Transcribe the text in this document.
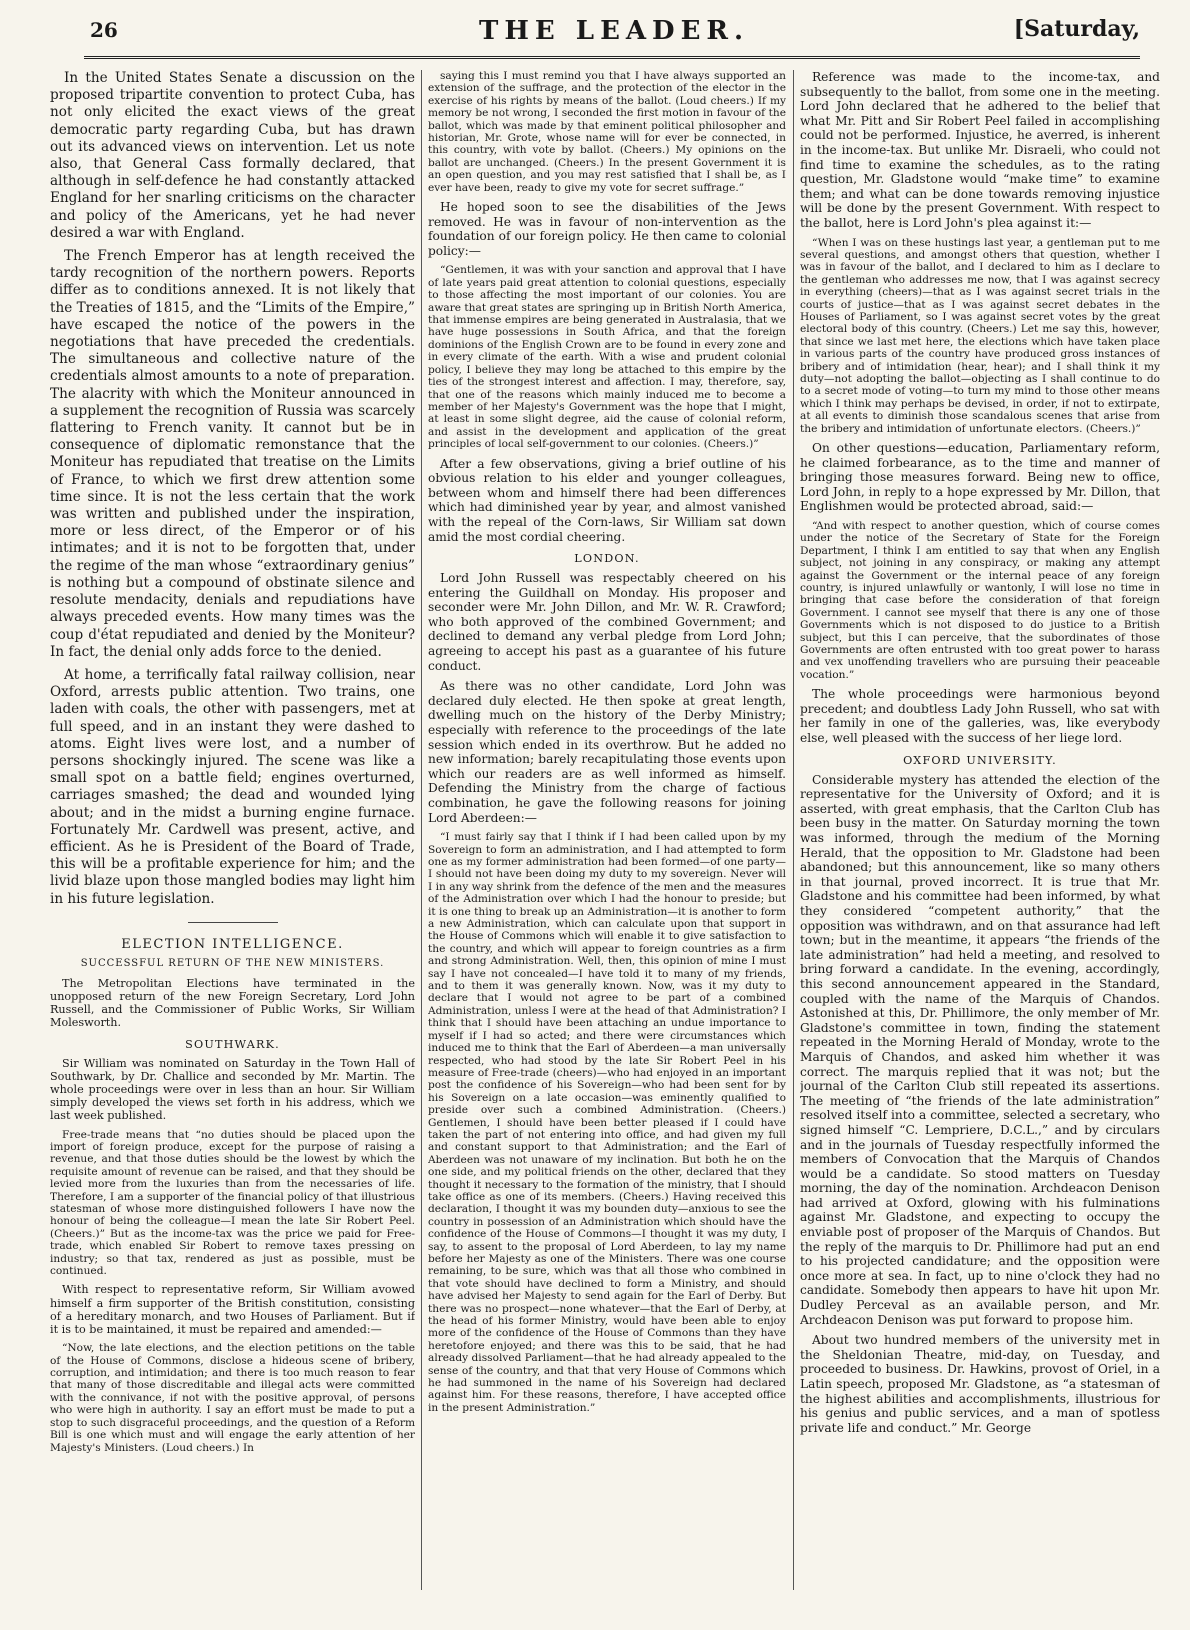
26	THE LEADER.	[Saturday,

In the United States Senate a discussion on the proposed tripartite convention to protect Cuba, has not only elicited the exact views of the great democratic party regarding Cuba, but has drawn out its advanced views on intervention. Let us note also, that General Cass formally declared, that although in self-defence he had constantly attacked England for her snarling criticisms on the character and policy of the Americans, yet he had never desired a war with England.

The French Emperor has at length received the tardy recognition of the northern powers. Reports differ as to conditions annexed. It is not likely that the Treaties of 1815, and the “Limits of the Empire,” have escaped the notice of the powers in the negotiations that have preceded the credentials. The simultaneous and collective nature of the credentials almost amounts to a note of preparation. The alacrity with which the Moniteur announced in a supplement the recognition of Russia was scarcely flattering to French vanity. It cannot but be in consequence of diplomatic remonstance that the Moniteur has repudiated that treatise on the Limits of France, to which we first drew attention some time since. It is not the less certain that the work was written and published under the inspiration, more or less direct, of the Emperor or of his intimates; and it is not to be forgotten that, under the regime of the man whose “extraordinary genius” is nothing but a compound of obstinate silence and resolute mendacity, denials and repudiations have always preceded events. How many times was the coup d'état repudiated and denied by the Moniteur? In fact, the denial only adds force to the denied.

At home, a terrifically fatal railway collision, near Oxford, arrests public attention. Two trains, one laden with coals, the other with passengers, met at full speed, and in an instant they were dashed to atoms. Eight lives were lost, and a number of persons shockingly injured. The scene was like a small spot on a battle field; engines overturned, carriages smashed; the dead and wounded lying about; and in the midst a burning engine furnace. Fortunately Mr. Cardwell was present, active, and efficient. As he is President of the Board of Trade, this will be a profitable experience for him; and the livid blaze upon those mangled bodies may light him in his future legislation.

ELECTION INTELLIGENCE.
SUCCESSFUL RETURN OF THE NEW MINISTERS.

The Metropolitan Elections have terminated in the unopposed return of the new Foreign Secretary, Lord John Russell, and the Commissioner of Public Works, Sir William Molesworth.

SOUTHWARK.

Sir William was nominated on Saturday in the Town Hall of Southwark, by Dr. Challice and seconded by Mr. Martin. The whole proceedings were over in less than an hour. Sir William simply developed the views set forth in his address, which we last week published.

Free-trade means that “no duties should be placed upon the import of foreign produce, except for the purpose of raising a revenue, and that those duties should be the lowest by which the requisite amount of revenue can be raised, and that they should be levied more from the luxuries than from the necessaries of life. Therefore, I am a supporter of the financial policy of that illustrious statesman of whose more distinguished followers I have now the honour of being the colleague—I mean the late Sir Robert Peel. (Cheers.)” But as the income-tax was the price we paid for Free-trade, which enabled Sir Robert to remove taxes pressing on industry; so that tax, rendered as just as possible, must be continued.

With respect to representative reform, Sir William avowed himself a firm supporter of the British constitution, consisting of a hereditary monarch, and two Houses of Parliament. But if it is to be maintained, it must be repaired and amended:—

“Now, the late elections, and the election petitions on the table of the House of Commons, disclose a hideous scene of bribery, corruption, and intimidation; and there is too much reason to fear that many of those discreditable and illegal acts were committed with the connivance, if not with the positive approval, of persons who were high in authority. I say an effort must be made to put a stop to such disgraceful proceedings, and the question of a Reform Bill is one which must and will engage the early attention of her Majesty's Ministers. (Loud cheers.) In

saying this I must remind you that I have always supported an extension of the suffrage, and the protection of the elector in the exercise of his rights by means of the ballot. (Loud cheers.) If my memory be not wrong, I seconded the first motion in favour of the ballot, which was made by that eminent political philosopher and historian, Mr. Grote, whose name will for ever be connected, in this country, with vote by ballot. (Cheers.) My opinions on the ballot are unchanged. (Cheers.) In the present Government it is an open question, and you may rest satisfied that I shall be, as I ever have been, ready to give my vote for secret suffrage.”

He hoped soon to see the disabilities of the Jews removed. He was in favour of non-intervention as the foundation of our foreign policy. He then came to colonial policy:—

“Gentlemen, it was with your sanction and approval that I have of late years paid great attention to colonial questions, especially to those affecting the most important of our colonies. You are aware that great states are springing up in British North America, that immense empires are being generated in Australasia, that we have huge possessions in South Africa, and that the foreign dominions of the English Crown are to be found in every zone and in every climate of the earth. With a wise and prudent colonial policy, I believe they may long be attached to this empire by the ties of the strongest interest and affection. I may, therefore, say, that one of the reasons which mainly induced me to become a member of her Majesty's Government was the hope that I might, at least in some slight degree, aid the cause of colonial reform, and assist in the development and application of the great principles of local self-government to our colonies. (Cheers.)”

After a few observations, giving a brief outline of his obvious relation to his elder and younger colleagues, between whom and himself there had been differences which had diminished year by year, and almost vanished with the repeal of the Corn-laws, Sir William sat down amid the most cordial cheering.

LONDON.

Lord John Russell was respectably cheered on his entering the Guildhall on Monday. His proposer and seconder were Mr. John Dillon, and Mr. W. R. Crawford; who both approved of the combined Government; and declined to demand any verbal pledge from Lord John; agreeing to accept his past as a guarantee of his future conduct.

As there was no other candidate, Lord John was declared duly elected. He then spoke at great length, dwelling much on the history of the Derby Ministry; especially with reference to the proceedings of the late session which ended in its overthrow. But he added no new information; barely recapitulating those events upon which our readers are as well informed as himself. Defending the Ministry from the charge of factious combination, he gave the following reasons for joining Lord Aberdeen:—

“I must fairly say that I think if I had been called upon by my Sovereign to form an administration, and I had attempted to form one as my former administration had been formed—of one party—I should not have been doing my duty to my sovereign. Never will I in any way shrink from the defence of the men and the measures of the Administration over which I had the honour to preside; but it is one thing to break up an Administration—it is another to form a new Administration, which can calculate upon that support in the House of Commons which will enable it to give satisfaction to the country, and which will appear to foreign countries as a firm and strong Administration. Well, then, this opinion of mine I must say I have not concealed—I have told it to many of my friends, and to them it was generally known. Now, was it my duty to declare that I would not agree to be part of a combined Administration, unless I were at the head of that Administration? I think that I should have been attaching an undue importance to myself if I had so acted; and there were circumstances which induced me to think that the Earl of Aberdeen—a man universally respected, who had stood by the late Sir Robert Peel in his measure of Free-trade (cheers)—who had enjoyed in an important post the confidence of his Sovereign—who had been sent for by his Sovereign on a late occasion—was eminently qualified to preside over such a combined Administration. (Cheers.) Gentlemen, I should have been better pleased if I could have taken the part of not entering into office, and had given my full and constant support to that Administration; and the Earl of Aberdeen was not unaware of my inclination. But both he on the one side, and my political friends on the other, declared that they thought it necessary to the formation of the ministry, that I should take office as one of its members. (Cheers.) Having received this declaration, I thought it was my bounden duty—anxious to see the country in possession of an Administration which should have the confidence of the House of Commons—I thought it was my duty, I say, to assent to the proposal of Lord Aberdeen, to lay my name before her Majesty as one of the Ministers. There was one course remaining, to be sure, which was that all those who combined in that vote should have declined to form a Ministry, and should have advised her Majesty to send again for the Earl of Derby. But there was no prospect—none whatever—that the Earl of Derby, at the head of his former Ministry, would have been able to enjoy more of the confidence of the House of Commons than they have heretofore enjoyed; and there was this to be said, that he had already dissolved Parliament—that he had already appealed to the sense of the country, and that that very House of Commons which he had summoned in the name of his Sovereign had declared against him. For these reasons, therefore, I have accepted office in the present Administration.”

Reference was made to the income-tax, and subsequently to the ballot, from some one in the meeting. Lord John declared that he adhered to the belief that what Mr. Pitt and Sir Robert Peel failed in accomplishing could not be performed. Injustice, he averred, is inherent in the income-tax. But unlike Mr. Disraeli, who could not find time to examine the schedules, as to the rating question, Mr. Gladstone would “make time” to examine them; and what can be done towards removing injustice will be done by the present Government. With respect to the ballot, here is Lord John's plea against it:—

“When I was on these hustings last year, a gentleman put to me several questions, and amongst others that question, whether I was in favour of the ballot, and I declared to him as I declare to the gentleman who addresses me now, that I was against secrecy in everything (cheers)—that as I was against secret trials in the courts of justice—that as I was against secret debates in the Houses of Parliament, so I was against secret votes by the great electoral body of this country. (Cheers.) Let me say this, however, that since we last met here, the elections which have taken place in various parts of the country have produced gross instances of bribery and of intimidation (hear, hear); and I shall think it my duty—not adopting the ballot—objecting as I shall continue to do to a secret mode of voting—to turn my mind to those other means which I think may perhaps be devised, in order, if not to extirpate, at all events to diminish those scandalous scenes that arise from the bribery and intimidation of unfortunate electors. (Cheers.)”

On other questions—education, Parliamentary reform, he claimed forbearance, as to the time and manner of bringing those measures forward. Being new to office, Lord John, in reply to a hope expressed by Mr. Dillon, that Englishmen would be protected abroad, said:—

“And with respect to another question, which of course comes under the notice of the Secretary of State for the Foreign Department, I think I am entitled to say that when any English subject, not joining in any conspiracy, or making any attempt against the Government or the internal peace of any foreign country, is injured unlawfully or wantonly, I will lose no time in bringing that case before the consideration of that foreign Government. I cannot see myself that there is any one of those Governments which is not disposed to do justice to a British subject, but this I can perceive, that the subordinates of those Governments are often entrusted with too great power to harass and vex unoffending travellers who are pursuing their peaceable vocation.”

The whole proceedings were harmonious beyond precedent; and doubtless Lady John Russell, who sat with her family in one of the galleries, was, like everybody else, well pleased with the success of her liege lord.

OXFORD UNIVERSITY.

Considerable mystery has attended the election of the representative for the University of Oxford; and it is asserted, with great emphasis, that the Carlton Club has been busy in the matter. On Saturday morning the town was informed, through the medium of the Morning Herald, that the opposition to Mr. Gladstone had been abandoned; but this announcement, like so many others in that journal, proved incorrect. It is true that Mr. Gladstone and his committee had been informed, by what they considered “competent authority,” that the opposition was withdrawn, and on that assurance had left town; but in the meantime, it appears “the friends of the late administration” had held a meeting, and resolved to bring forward a candidate. In the evening, accordingly, this second announcement appeared in the Standard, coupled with the name of the Marquis of Chandos. Astonished at this, Dr. Phillimore, the only member of Mr. Gladstone's committee in town, finding the statement repeated in the Morning Herald of Monday, wrote to the Marquis of Chandos, and asked him whether it was correct. The marquis replied that it was not; but the journal of the Carlton Club still repeated its assertions. The meeting of “the friends of the late administration” resolved itself into a committee, selected a secretary, who signed himself “C. Lempriere, D.C.L.,” and by circulars and in the journals of Tuesday respectfully informed the members of Convocation that the Marquis of Chandos would be a candidate. So stood matters on Tuesday morning, the day of the nomination. Archdeacon Denison had arrived at Oxford, glowing with his fulminations against Mr. Gladstone, and expecting to occupy the enviable post of proposer of the Marquis of Chandos. But the reply of the marquis to Dr. Phillimore had put an end to his projected candidature; and the opposition were once more at sea. In fact, up to nine o'clock they had no candidate. Somebody then appears to have hit upon Mr. Dudley Perceval as an available person, and Mr. Archdeacon Denison was put forward to propose him.

About two hundred members of the university met in the Sheldonian Theatre, mid-day, on Tuesday, and proceeded to business. Dr. Hawkins, provost of Oriel, in a Latin speech, proposed Mr. Gladstone, as “a statesman of the highest abilities and accomplishments, illustrious for his genius and public services, and a man of spotless private life and conduct.” Mr. George
